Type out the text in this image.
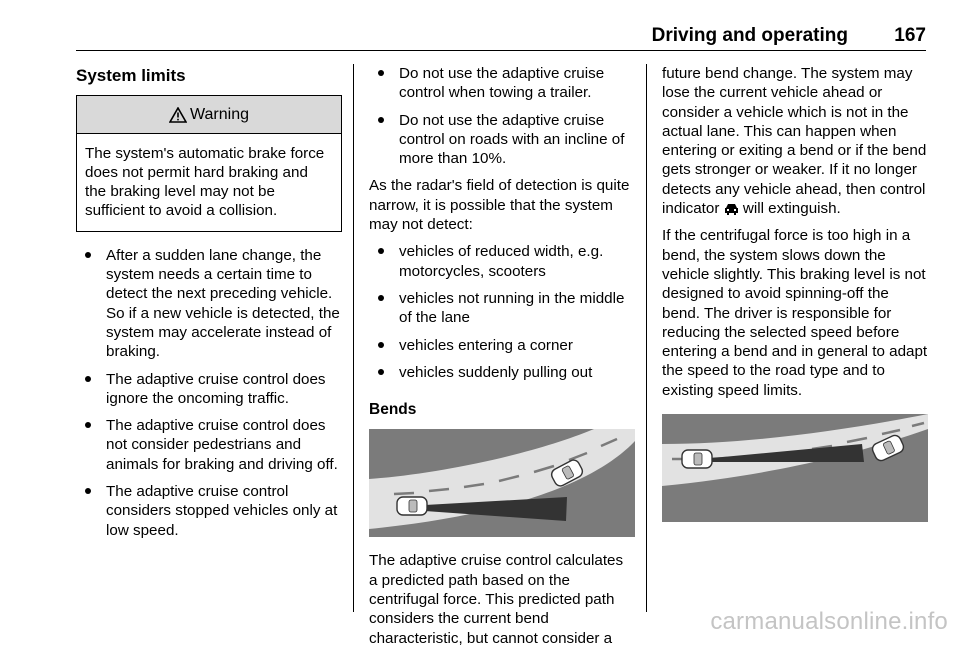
Driving and operating 167
System limits
Warning
The system's automatic brake force does not permit hard braking and the braking level may not be sufficient to avoid a collision.
After a sudden lane change, the system needs a certain time to detect the next preceding vehicle. So if a new vehicle is detected, the system may accelerate instead of braking.
The adaptive cruise control does ignore the oncoming traffic.
The adaptive cruise control does not consider pedestrians and animals for braking and driving off.
The adaptive cruise control considers stopped vehicles only at low speed.
Do not use the adaptive cruise control when towing a trailer.
Do not use the adaptive cruise control on roads with an incline of more than 10%.

As the radar's field of detection is quite narrow, it is possible that the system may not detect:

vehicles of reduced width, e.g. motorcycles, scooters
vehicles not running in the middle of the lane
vehicles entering a corner
vehicles suddenly pulling out
Bends

The adaptive cruise control calculates a predicted path based on the centrifugal force. This predicted path considers the current bend characteristic, but cannot consider a

future bend change. The system may lose the current vehicle ahead or consider a vehicle which is not in the actual lane. This can happen when entering or exiting a bend or if the bend gets stronger or weaker. If it no longer detects any vehicle ahead, then control indicator  will extinguish.

If the centrifugal force is too high in a bend, the system slows down the vehicle slightly. This braking level is not designed to avoid spinning-off the bend. The driver is responsible for reducing the selected speed before entering a bend and in general to adapt the speed to the road type and to existing speed limits.

carmanualsonline.info
